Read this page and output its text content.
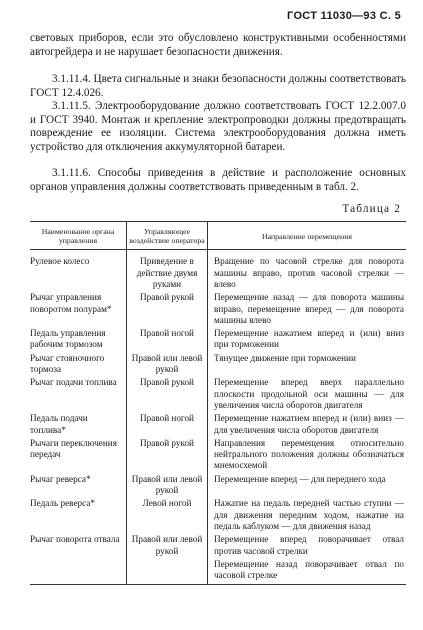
ГОСТ 11030—93 С. 5
световых приборов, если это обусловлено конструктивными особенностями автогрейдера и не нарушает безопасности движения.
3.1.11.4. Цвета сигнальные и знаки безопасности должны соответствовать ГОСТ 12.4.026.
3.1.11.5. Электрооборудование должно соответствовать ГОСТ 12.2.007.0 и ГОСТ 3940. Монтаж и крепление электропроводки должны предотвращать повреждение ее изоляции. Система электрооборудования должна иметь устройство для отключения аккумуляторной батареи.
3.1.11.6. Способы приведения в действие и расположение основных органов управления должны соответствовать приведенным в табл. 2.
Таблица 2
Наименование органа управления	Управляющее воздействие оператора	Направление перемещения
Рулевое колесо	Приведение в действие двумя руками	Вращение по часовой стрелке для поворота машины вправо, против часовой стрелки — влево
Рычаг управления поворотом полурам*	Правой рукой	Перемещение назад — для поворота машины вправо, перемещение вперед — для поворота машины влево
Педаль управления рабочим тормозом	Правой ногой	Перемещение нажатием вперед и (или) вниз при торможении
Рычаг стояночного тормоза	Правой или левой рукой	Тянущее движение при торможении
Рычаг подачи топлива	Правой рукой	Перемещение вперед вверх параллельно плоскости продольной оси машины — для увеличения числа оборотов двигателя
Педаль подачи топлива*	Правой ногой	Перемещение нажатием вперед и (или) вниз — для увеличения числа оборотов двигателя
Рычаги переключения передач	Правой рукой	Направления перемещения относительно нейтрального положения должны обозначаться мнемосхемой
Рычаг реверса*	Правой или левой рукой	Перемещение вперед — для переднего хода
Педаль реверса*	Левой ногой	Нажатие на педаль передней частью ступни — для движения передним ходом, нажатие на педаль каблуком — для движения назад
Рычаг поворота отвала	Правой или левой рукой	Перемещение вперед поворачивает отвал против часовой стрелки
		Перемещение назад поворачивает отвал по часовой стрелке
